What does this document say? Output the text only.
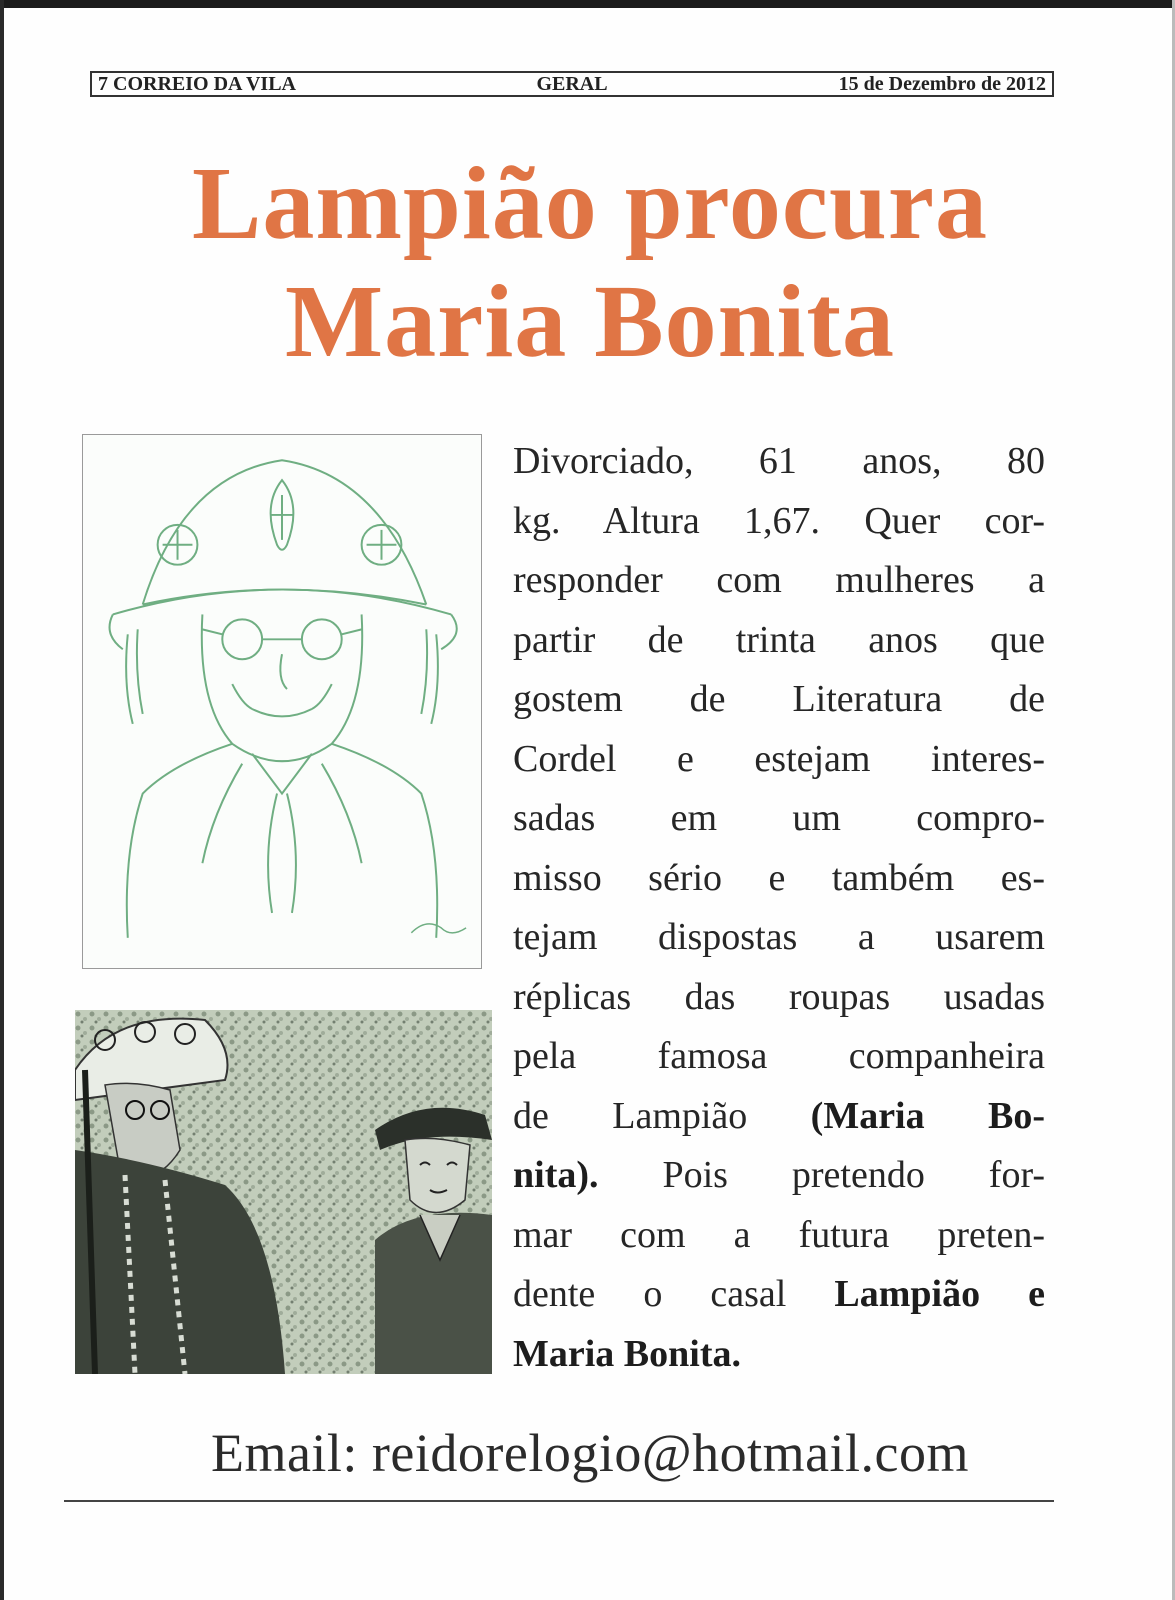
7 CORREIO DA VILA	GERAL	15 de Dezembro de 2012
Lampião procura
Maria Bonita
Divorciado, 61 anos, 80
kg. Altura 1,67. Quer cor-
responder com mulheres a
partir de trinta anos que
gostem de Literatura de
Cordel e estejam interes-
sadas em um compro-
misso sério e também es-
tejam dispostas a usarem
réplicas das roupas usadas
pela famosa companheira
de Lampião (Maria Bo-
nita). Pois pretendo for-
mar com a futura preten-
dente o casal Lampião e
Maria Bonita.
Email: reidorelogio@hotmail.com
